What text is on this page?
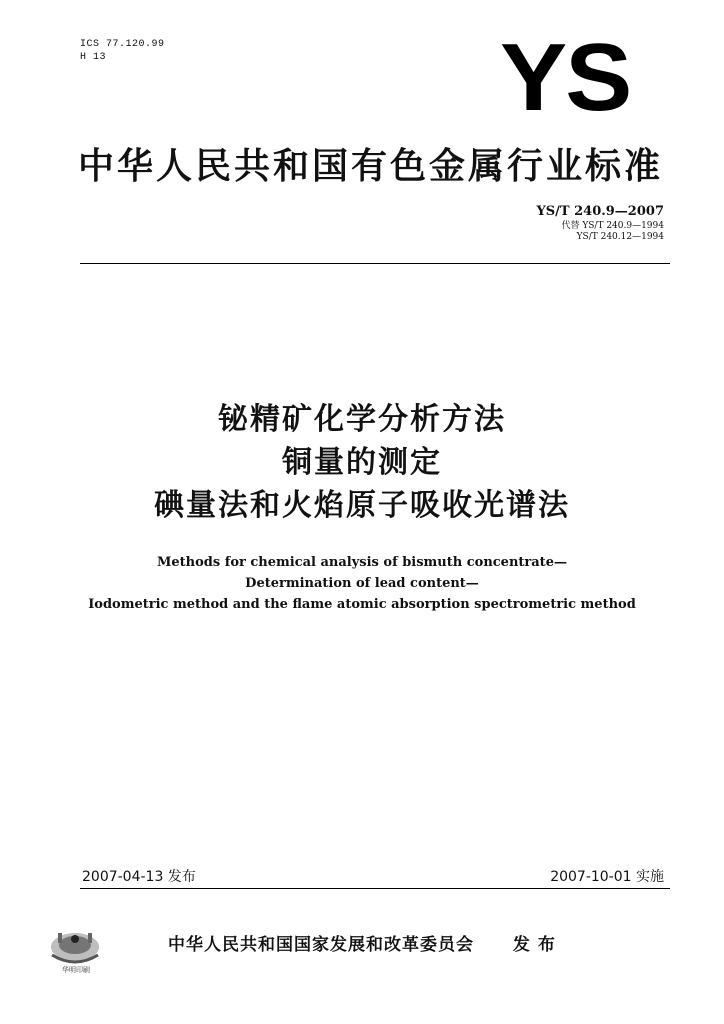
ICS 77.120.99
H 13	YS
中华人民共和国有色金属行业标准
YS/T 240.9—2007
代替 YS/T 240.9—1994
YS/T 240.12—1994
铋精矿化学分析方法
铜量的测定
碘量法和火焰原子吸收光谱法
Methods for chemical analysis of bismuth concentrate—
Determination of lead content—
Iodometric method and the flame atomic absorption spectrometric method
2007-04-13 发布	2007-10-01 实施
华明印刷
中华人民共和国国家发展和改革委员会 发 布
